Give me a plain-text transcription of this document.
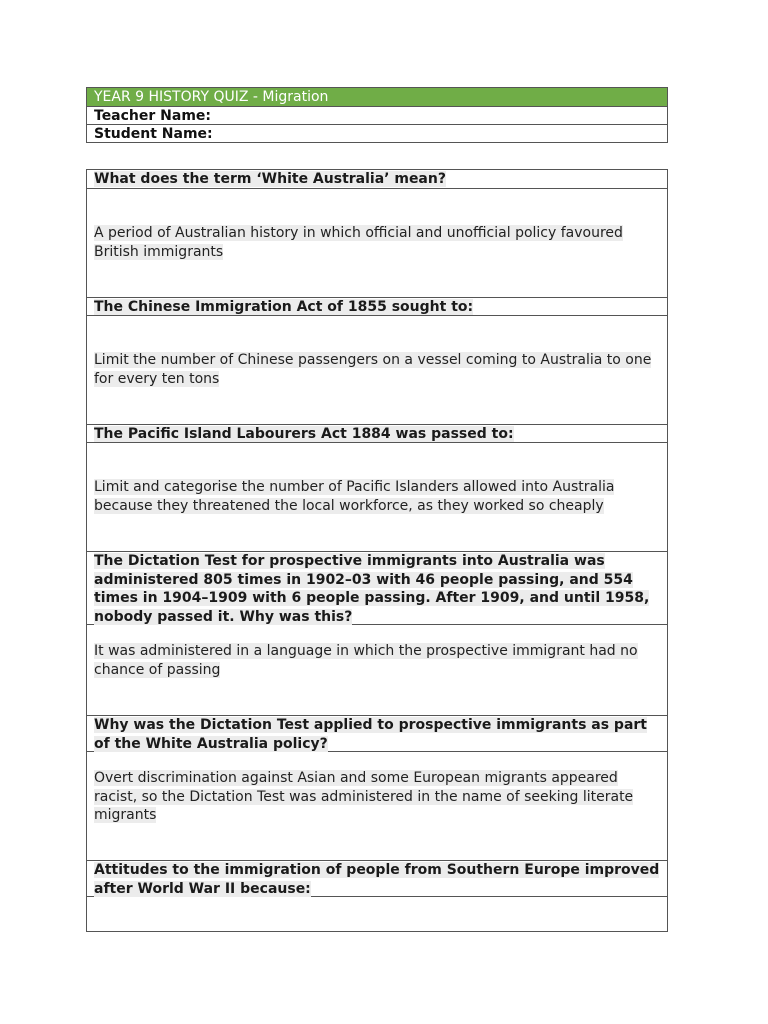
YEAR 9 HISTORY QUIZ - Migration
Teacher Name:
Student Name:
What does the term ‘White Australia’ mean?
A period of Australian history in which official and unofficial policy favoured British immigrants
The Chinese Immigration Act of 1855 sought to:
Limit the number of Chinese passengers on a vessel coming to Australia to one for every ten tons
The Pacific Island Labourers Act 1884 was passed to:
Limit and categorise the number of Pacific Islanders allowed into Australia because they threatened the local workforce, as they worked so cheaply
The Dictation Test for prospective immigrants into Australia was administered 805 times in 1902–03 with 46 people passing, and 554 times in 1904–1909 with 6 people passing. After 1909, and until 1958, nobody passed it. Why was this?
It was administered in a language in which the prospective immigrant had no chance of passing
Why was the Dictation Test applied to prospective immigrants as part of the White Australia policy?
Overt discrimination against Asian and some European migrants appeared racist, so the Dictation Test was administered in the name of seeking literate migrants
Attitudes to the immigration of people from Southern Europe improved after World War II because:
